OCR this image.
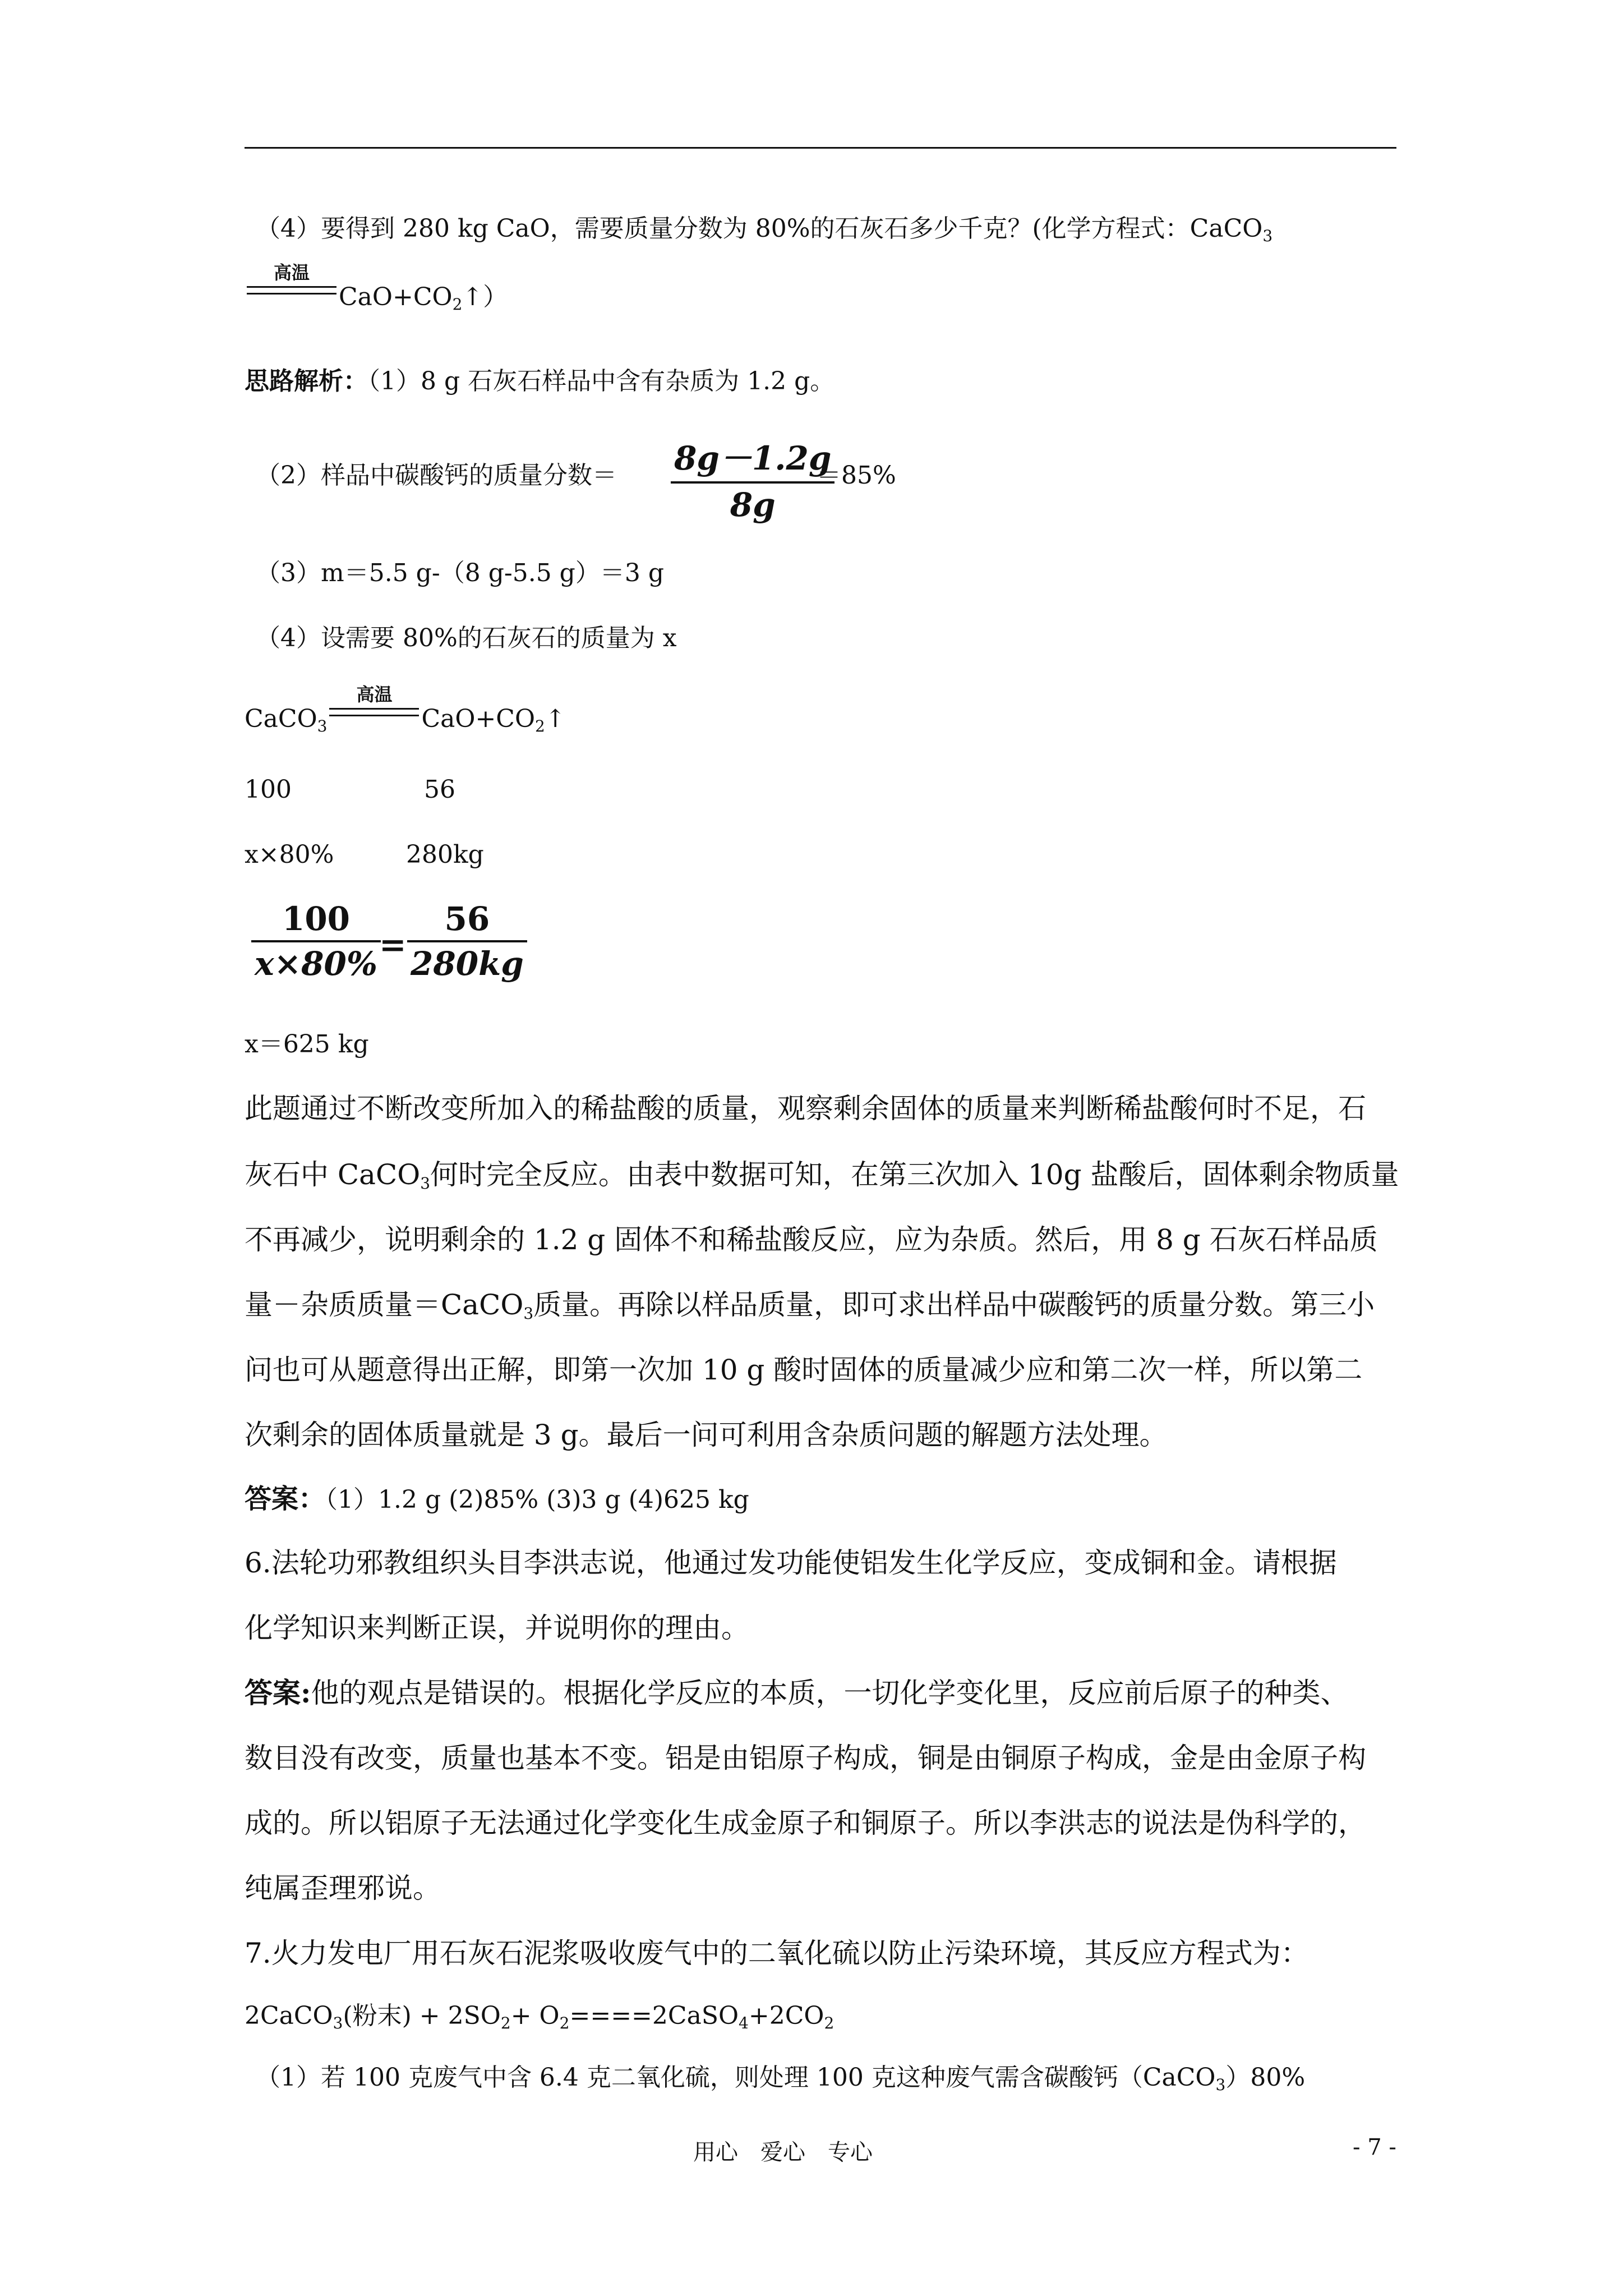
（4）要得到 280 kg CaO，需要质量分数为 80%的石灰石多少千克？(化学方程式：CaCO$_3$
高温
$CaO+CO_2↑$）
思路解析：（1）8 g 石灰石样品中含有杂质为 1.2 g。
（2）样品中碳酸钙的质量分数＝ 8g－1.2g
8g
＝85%
（3）m＝5.5 g-（8 g-5.5 g）＝3 g
（4）设需要 80%的石灰石的质量为 x
CaCO$_3$
高温
$CaO+CO_2↑$
100	56
x×80%	280kg
100
x×80% =
56
280kg
x＝625 kg
此题通过不断改变所加入的稀盐酸的质量，观察剩余固体的质量来判断稀盐酸何时不足，石
灰石中 CaCO$_3$何时完全反应。由表中数据可知，在第三次加入 10g 盐酸后，固体剩余物质量
不再减少，说明剩余的 1.2 g 固体不和稀盐酸反应，应为杂质。然后，用 8 g 石灰石样品质
量－杂质质量＝CaCO$_3$质量。再除以样品质量，即可求出样品中碳酸钙的质量分数。第三小
问也可从题意得出正解，即第一次加 10 g 酸时固体的质量减少应和第二次一样，所以第二
次剩余的固体质量就是 3 g。最后一问可利用含杂质问题的解题方法处理。
答案：（1）1.2 g (2)85% (3)3 g (4)625 kg
6.法轮功邪教组织头目李洪志说，他通过发功能使铝发生化学反应，变成铜和金。请根据
化学知识来判断正误，并说明你的理由。
答案:他的观点是错误的。根据化学反应的本质，一切化学变化里，反应前后原子的种类、
数目没有改变，质量也基本不变。铝是由铝原子构成，铜是由铜原子构成，金是由金原子构
成的。所以铝原子无法通过化学变化生成金原子和铜原子。所以李洪志的说法是伪科学的，
纯属歪理邪说。
7.火力发电厂用石灰石泥浆吸收废气中的二氧化硫以防止污染环境，其反应方程式为：
2CaCO$_3$(粉末) + $2SO_2+$ $O_2====2CaSO_4+2CO_2$
（1）若 100 克废气中含 6.4 克二氧化硫，则处理 100 克这种废气需含碳酸钙（CaCO$_3$）80%
用心　爱心　专心	- 7 -
